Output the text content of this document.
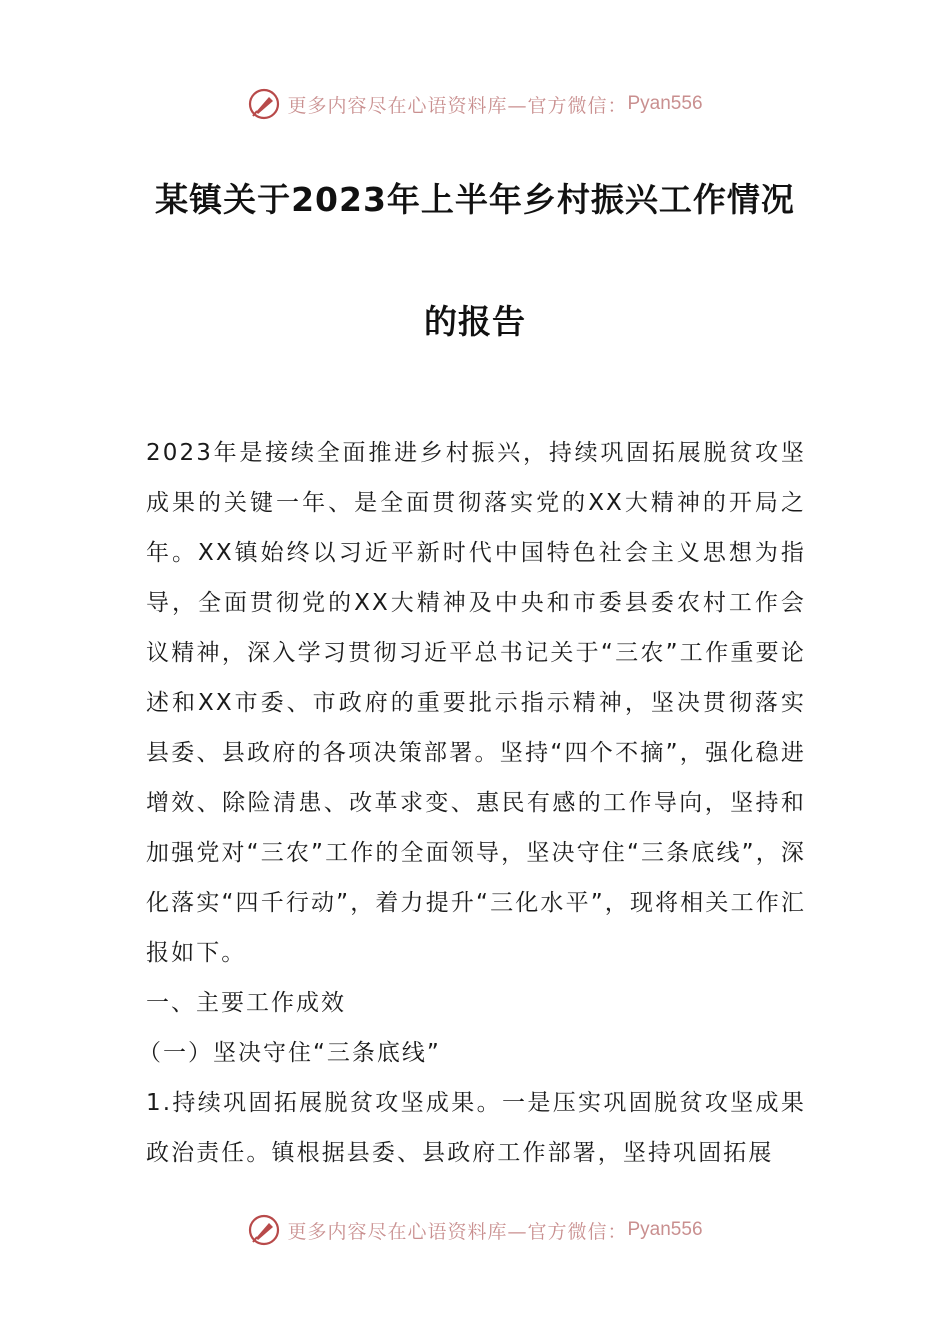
更多内容尽在心语资料库—官方微信： Pyan556
某镇关于2023年上半年乡村振兴工作情况
的报告

2023年是接续全面推进乡村振兴，持续巩固拓展脱贫攻坚成果的关键一年、是全面贯彻落实党的XX大精神的开局之年。XX镇始终以习近平新时代中国特色社会主义思想为指导，全面贯彻党的XX大精神及中央和市委县委农村工作会议精神，深入学习贯彻习近平总书记关于“三农”工作重要论述和XX市委、市政府的重要批示指示精神，坚决贯彻落实县委、县政府的各项决策部署。坚持“四个不摘”，强化稳进增效、除险清患、改革求变、惠民有感的工作导向，坚持和加强党对“三农”工作的全面领导，坚决守住“三条底线”，深化落实“四千行动”，着力提升“三化水平”，现将相关工作汇报如下。

一、主要工作成效

（一）坚决守住“三条底线”

1.持续巩固拓展脱贫攻坚成果。一是压实巩固脱贫攻坚成果政治责任。镇根据县委、县政府工作部署，坚持巩固拓展

更多内容尽在心语资料库—官方微信： Pyan556
